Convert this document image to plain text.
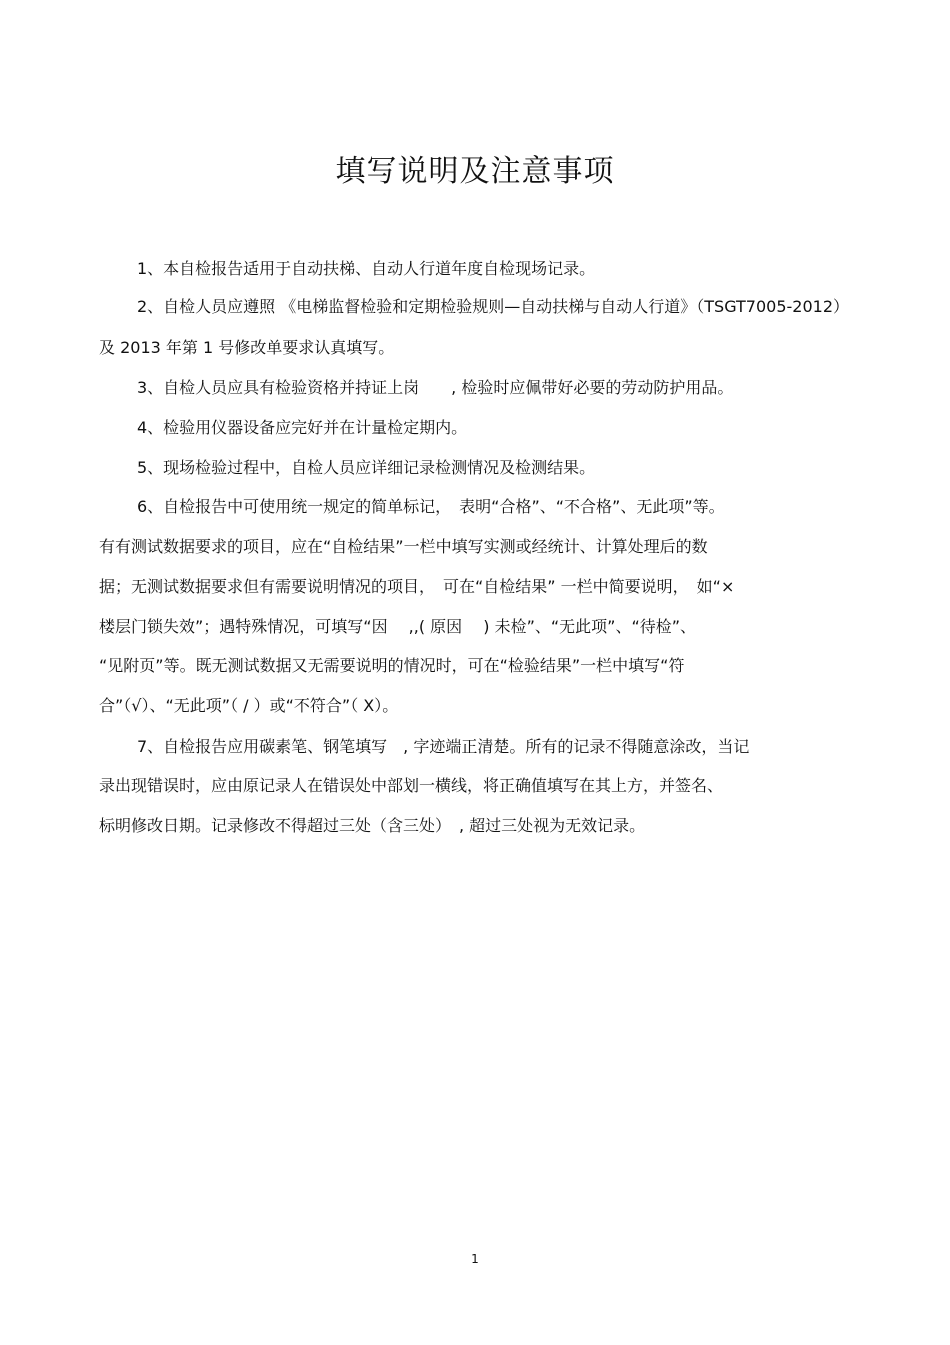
填写说明及注意事项

1、本自检报告适用于自动扶梯、自动人行道年度自检现场记录。

2、自检人员应遵照 《电梯监督检验和定期检验规则—自动扶梯与自动人行道》（TSGT7005-2012）

及 2013 年第 1 号修改单要求认真填写。

3、自检人员应具有检验资格并持证上岗　　, 检验时应佩带好必要的劳动防护用品。

4、检验用仪器设备应完好并在计量检定期内。

5、现场检验过程中，自检人员应详细记录检测情况及检测结果。

6、自检报告中可使用统一规定的简单标记，　表明“合格”、“不合格”、无此项”等。

有有测试数据要求的项目，应在“自检结果”一栏中填写实测或经统计、计算处理后的数

据；无测试数据要求但有需要说明情况的项目，　可在“自检结果” 一栏中简要说明，　如“×

楼层门锁失效”；遇特殊情况，可填写“因　 ,,( 原因　 ) 未检”、“无此项”、“待检”、

“见附页”等。既无测试数据又无需要说明的情况时，可在“检验结果”一栏中填写“符

合”（√）、“无此项”（ / ）或“不符合”（ X）。

7、自检报告应用碳素笔、钢笔填写　, 字迹端正清楚。所有的记录不得随意涂改，当记

录出现错误时，应由原记录人在错误处中部划一横线，将正确值填写在其上方，并签名、

标明修改日期。记录修改不得超过三处（含三处）　, 超过三处视为无效记录。

1
